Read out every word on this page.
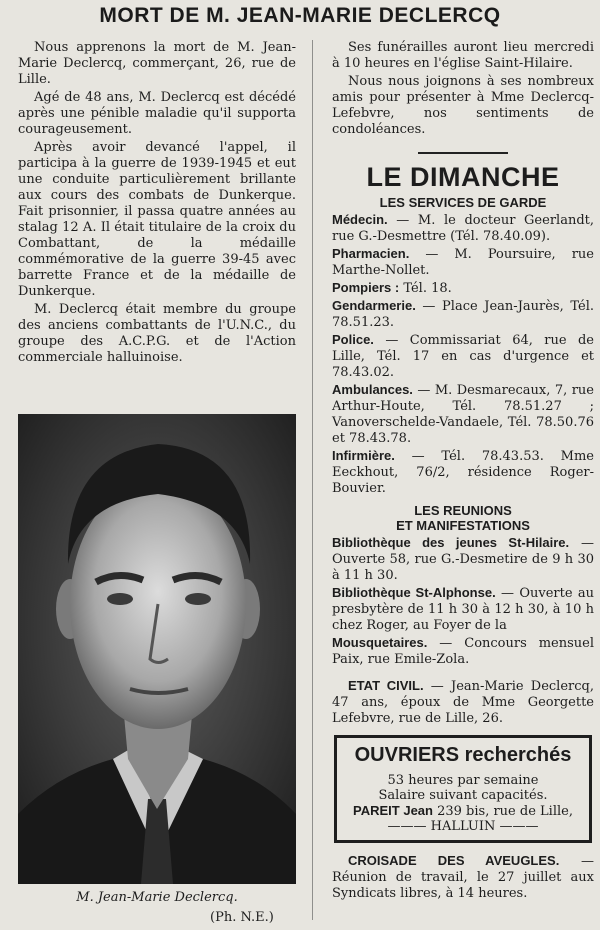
MORT DE M. JEAN-MARIE DECLERCQ

Nous apprenons la mort de M. Jean-Marie Declercq, commerçant, 26, rue de Lille.

Agé de 48 ans, M. Declercq est décédé après une pénible maladie qu'il supporta courageusement.

Après avoir devancé l'appel, il participa à la guerre de 1939-1945 et eut une conduite particulièrement brillante aux cours des combats de Dunkerque. Fait prisonnier, il passa quatre années au stalag 12 A. Il était titulaire de la croix du Combattant, de la médaille commémorative de la guerre 39-45 avec barrette France et de la médaille de Dunkerque.

M. Declercq était membre du groupe des anciens combattants de l'U.N.C., du groupe des A.C.P.G. et de l'Action commerciale halluinoise.

M. Jean-Marie Declercq.
(Ph. N.E.)

Ses funérailles auront lieu mercredi à 10 heures en l'église Saint-Hilaire.

Nous nous joignons à ses nombreux amis pour présenter à Mme Declercq-Lefebvre, nos sentiments de condoléances.

LE DIMANCHE
LES SERVICES DE GARDE

Médecin. — M. le docteur Geerlandt, rue G.-Desmettre (Tél. 78.40.09).

Pharmacien. — M. Poursuire, rue Marthe-Nollet.

Pompiers : Tél. 18.

Gendarmerie. — Place Jean-Jaurès, Tél. 78.51.23.

Police. — Commissariat 64, rue de Lille, Tél. 17 en cas d'urgence et 78.43.02.

Ambulances. — M. Desmarecaux, 7, rue Arthur-Houte, Tél. 78.51.27 ; Vanoverschelde-Vandaele, Tél. 78.50.76 et 78.43.78.

Infirmière. — Tél. 78.43.53. Mme Eeckhout, 76/2, résidence Roger-Bouvier.

LES REUNIONS
ET MANIFESTATIONS

Bibliothèque des jeunes St-Hilaire. — Ouverte 58, rue G.-Desmetire de 9 h 30 à 11 h 30.

Bibliothèque St-Alphonse. — Ouverte au presbytère de 11 h 30 à 12 h 30, à 10 h chez Roger, au Foyer de la

Mousquetaires. — Concours mensuel Paix, rue Emile-Zola.

ETAT CIVIL. — Jean-Marie Declercq, 47 ans, époux de Mme Georgette Lefebvre, rue de Lille, 26.

OUVRIERS recherchés

53 heures par semaine

Salaire suivant capacités.

PAREIT Jean 239 bis, rue de Lille,

——— HALLUIN ———

CROISADE DES AVEUGLES. — Réunion de travail, le 27 juillet aux Syndicats libres, à 14 heures.
